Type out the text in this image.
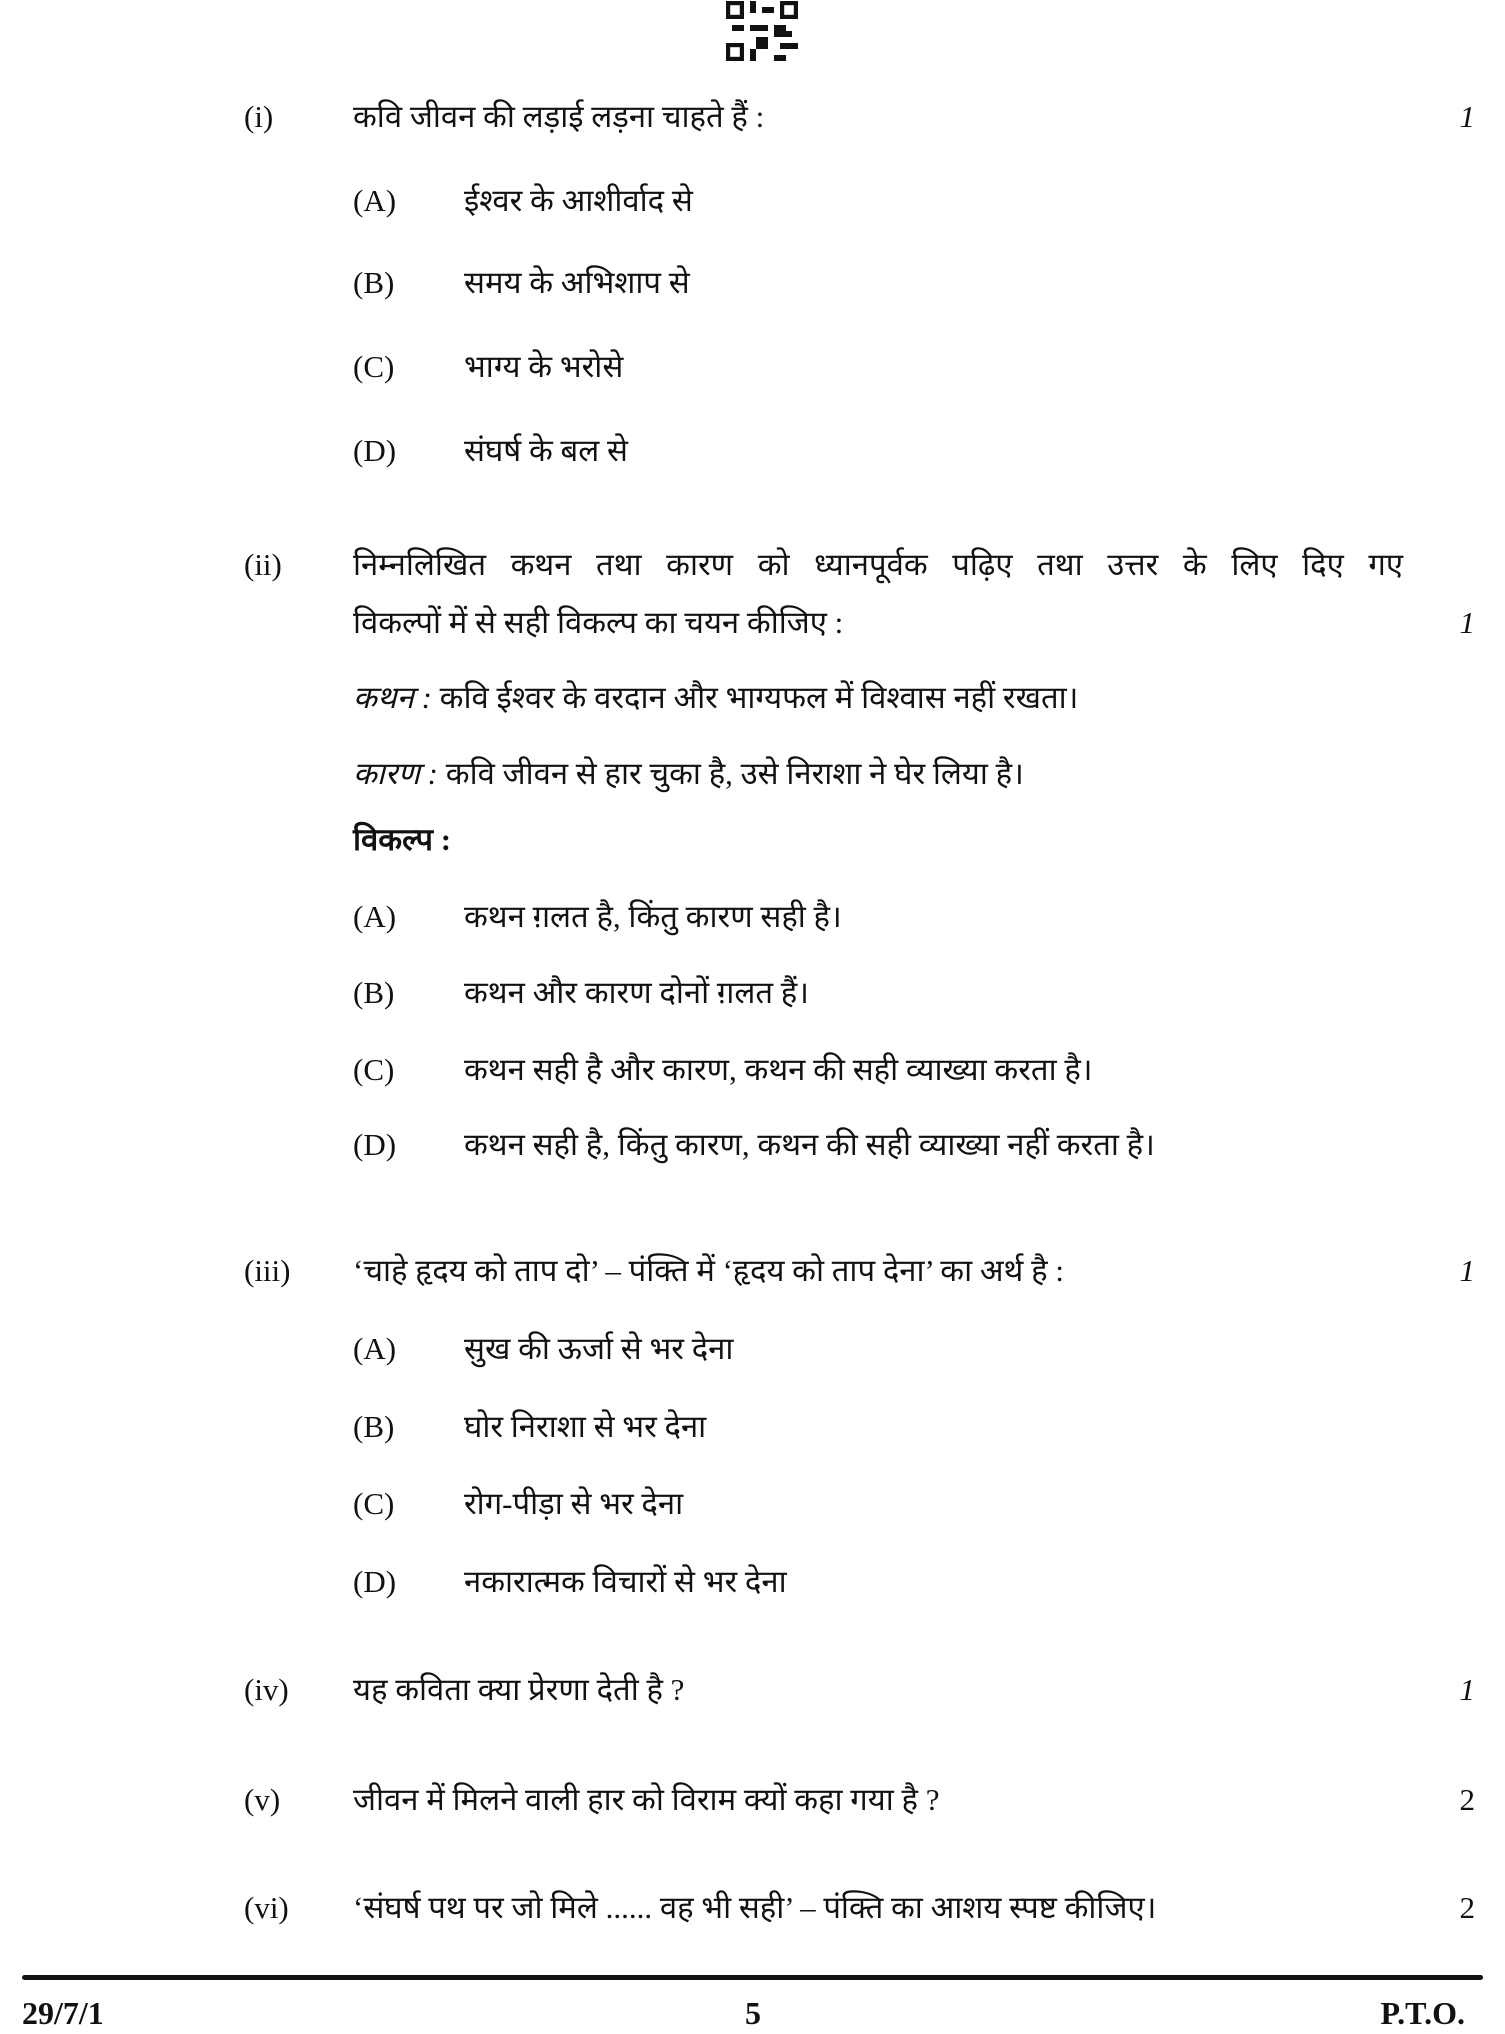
(i)	कवि जीवन की लड़ाई लड़ना चाहते हैं :	1
(A) ईश्वर के आशीर्वाद से
(B) समय के अभिशाप से
(C) भाग्य के भरोसे
(D) संघर्ष के बल से
(ii) निम्नलिखित कथन तथा कारण को ध्यानपूर्वक पढ़िए तथा उत्तर के लिए दिए गए
विकल्पों में से सही विकल्प का चयन कीजिए :	1
कथन : कवि ईश्वर के वरदान और भाग्यफल में विश्वास नहीं रखता।
कारण : कवि जीवन से हार चुका है, उसे निराशा ने घेर लिया है।
विकल्प :
(A) कथन ग़लत है, किंतु कारण सही है।
(B) कथन और कारण दोनों ग़लत हैं।
(C) कथन सही है और कारण, कथन की सही व्याख्या करता है।
(D) कथन सही है, किंतु कारण, कथन की सही व्याख्या नहीं करता है।
(iii) ‘चाहे हृदय को ताप दो’ – पंक्ति में ‘हृदय को ताप देना’ का अर्थ है :	1
(A) सुख की ऊर्जा से भर देना
(B) घोर निराशा से भर देना
(C) रोग-पीड़ा से भर देना
(D) नकारात्मक विचारों से भर देना
(iv) यह कविता क्या प्रेरणा देती है ?	1
(v) जीवन में मिलने वाली हार को विराम क्यों कहा गया है ?	2
(vi) ‘संघर्ष पथ पर जो मिले ...... वह भी सही’ – पंक्ति का आशय स्पष्ट कीजिए।	2
29/7/1	5	P.T.O.
